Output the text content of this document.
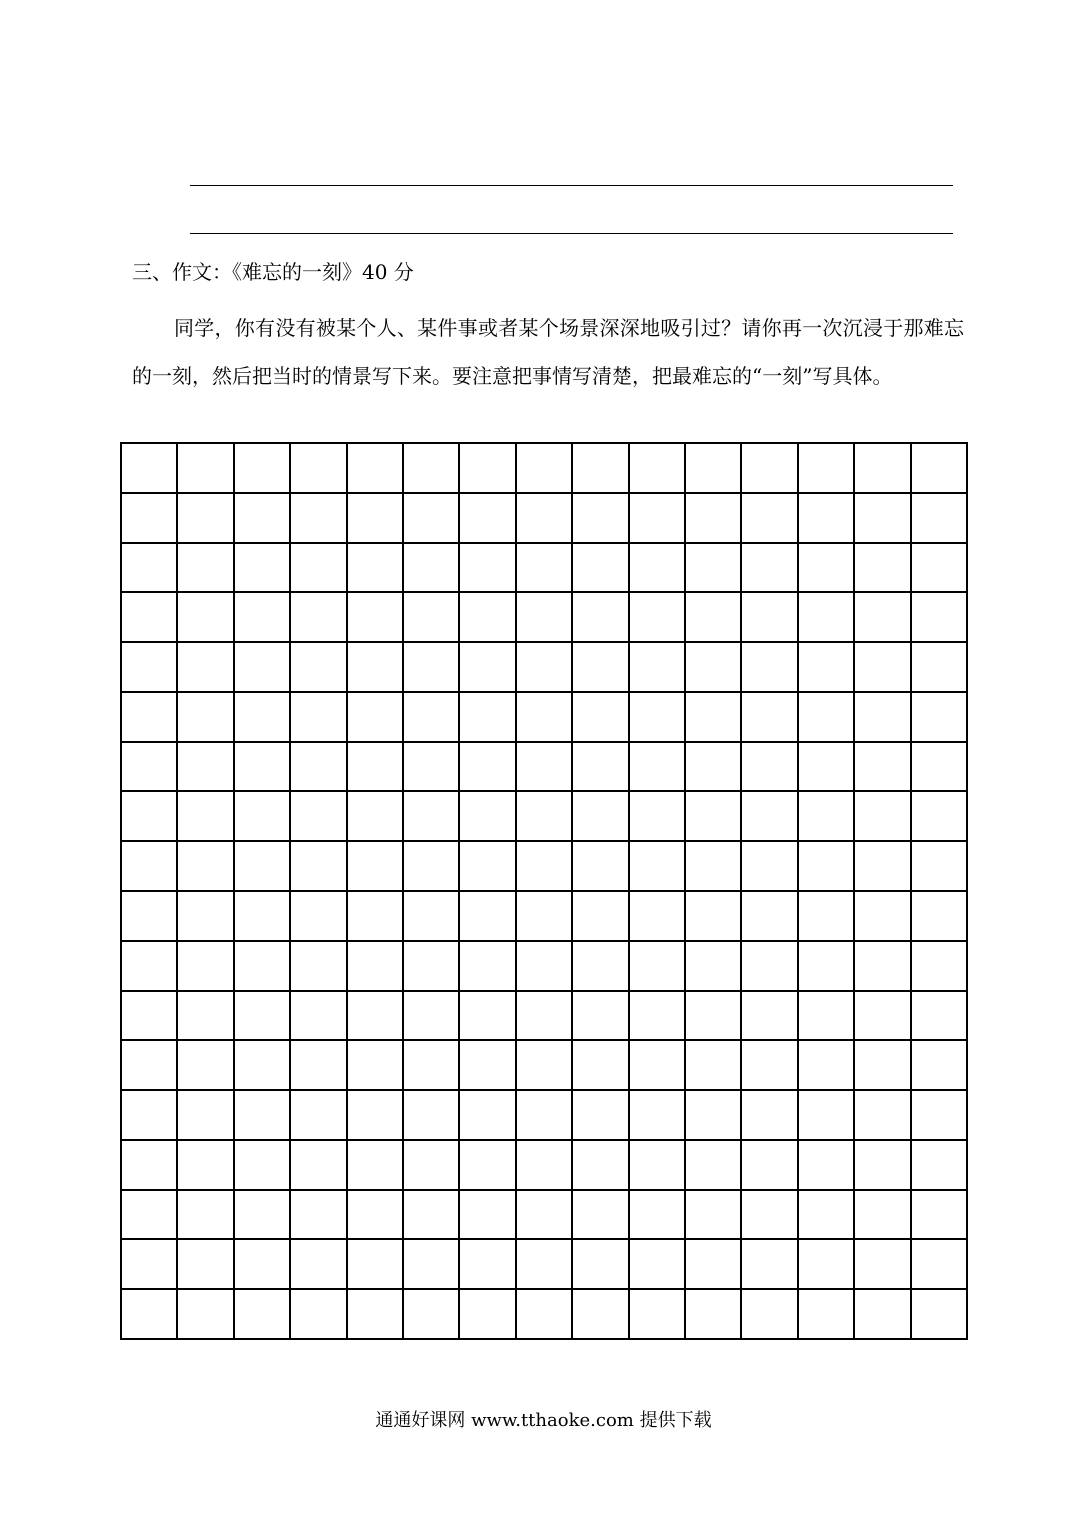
三、作文：《难忘的一刻》40 分
同学，你有没有被某个人、某件事或者某个场景深深地吸引过？请你再一次沉浸于那难忘的一刻，然后把当时的情景写下来。要注意把事情写清楚，把最难忘的“一刻”写具体。
通通好课网 www.tthaoke.com 提供下载
